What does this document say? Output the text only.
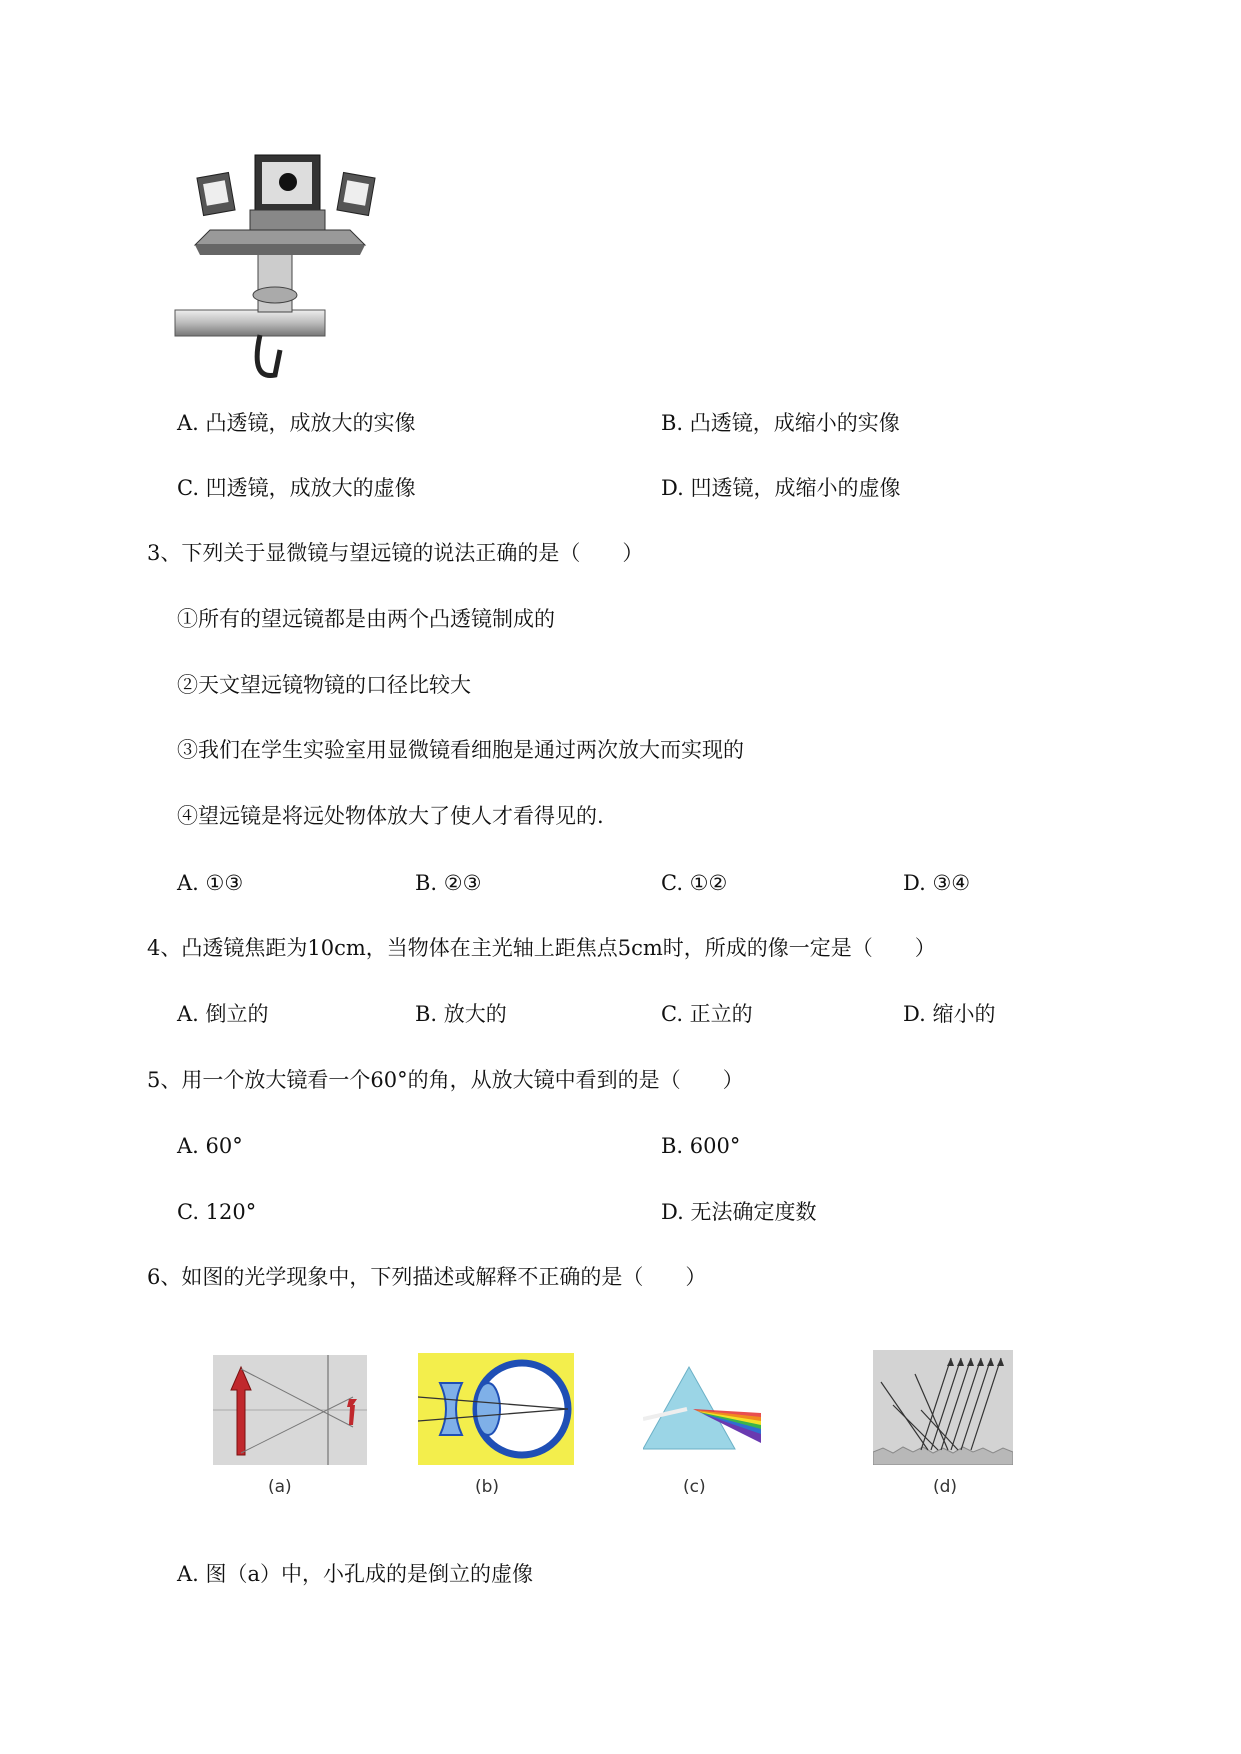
A. 凸透镜，成放大的实像	B. 凸透镜，成缩小的实像
C. 凹透镜，成放大的虚像	D. 凹透镜，成缩小的虚像
3、下列关于显微镜与望远镜的说法正确的是（　　）
①所有的望远镜都是由两个凸透镜制成的
②天文望远镜物镜的口径比较大
③我们在学生实验室用显微镜看细胞是通过两次放大而实现的
④望远镜是将远处物体放大了使人才看得见的.
A. ①③	B. ②③	C. ①②	D. ③④
4、凸透镜焦距为10cm，当物体在主光轴上距焦点5cm时，所成的像一定是（　　）
A. 倒立的	B. 放大的	C. 正立的	D. 缩小的
5、用一个放大镜看一个60°的角，从放大镜中看到的是（　　）
A. 60°	B. 600°
C. 120°	D. 无法确定度数
6、如图的光学现象中，下列描述或解释不正确的是（　　）
(a)	(b)	(c)	(d)
A. 图（a）中，小孔成的是倒立的虚像
